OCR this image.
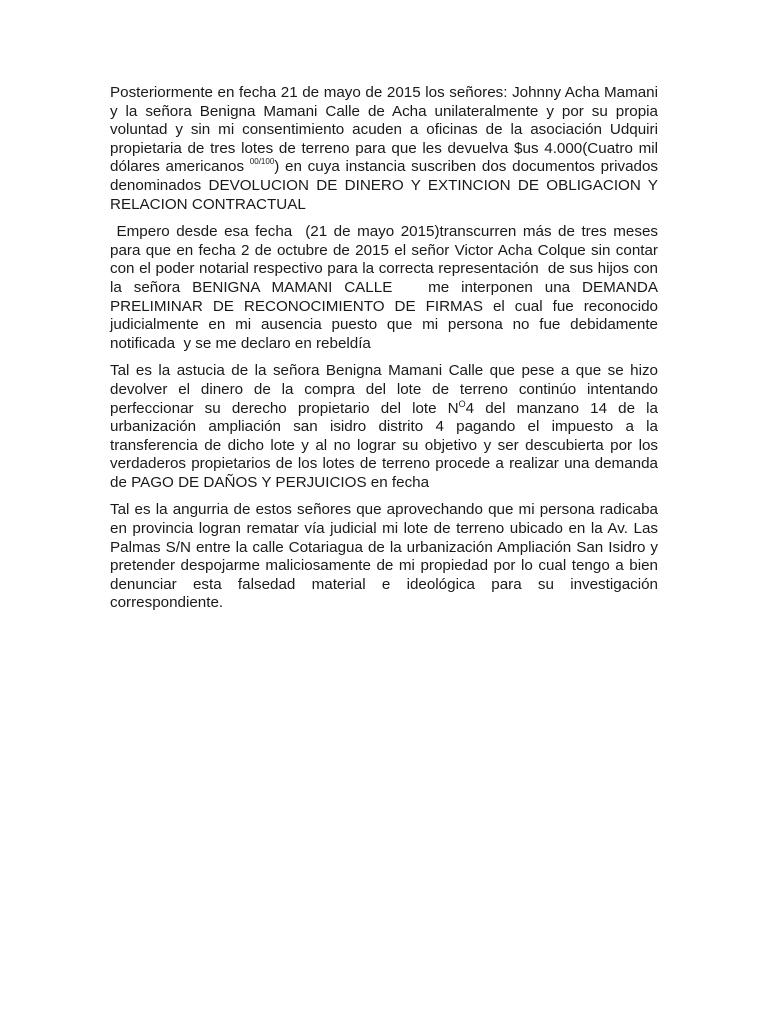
Posteriormente en fecha 21 de mayo de 2015 los señores: Johnny Acha Mamani y la señora Benigna Mamani Calle de Acha unilateralmente y por su propia voluntad y sin mi consentimiento acuden a oficinas de la asociación Udquiri propietaria de tres lotes de terreno para que les devuelva $us 4.000(Cuatro mil dólares americanos $^{00/100}$) en cuya instancia suscriben dos documentos privados denominados DEVOLUCION DE DINERO Y EXTINCION DE OBLIGACION Y RELACION CONTRACTUAL

Empero desde esa fecha  (21 de mayo 2015)transcurren más de tres meses para que en fecha 2 de octubre de 2015 el señor Victor Acha Colque sin contar con el poder notarial respectivo para la correcta representación  de sus hijos con la señora BENIGNA MAMANI CALLE   me interponen una DEMANDA PRELIMINAR DE RECONOCIMIENTO DE FIRMAS el cual fue reconocido judicialmente en mi ausencia puesto que mi persona no fue debidamente notificada  y se me declaro en rebeldía

Tal es la astucia de la señora Benigna Mamani Calle que pese a que se hizo devolver el dinero de la compra del lote de terreno continúo intentando perfeccionar su derecho propietario del lote $N^O4$ del manzano 14 de la urbanización ampliación san isidro distrito 4 pagando el impuesto a la transferencia de dicho lote y al no lograr su objetivo y ser descubierta por los verdaderos propietarios de los lotes de terreno procede a realizar una demanda de PAGO DE DAÑOS Y PERJUICIOS en fecha

Tal es la angurria de estos señores que aprovechando que mi persona radicaba en provincia logran rematar vía judicial mi lote de terreno ubicado en la Av. Las Palmas S/N entre la calle Cotariagua de la urbanización Ampliación San Isidro y pretender despojarme maliciosamente de mi propiedad por lo cual tengo a bien denunciar esta falsedad material e ideológica para su investigación correspondiente.
